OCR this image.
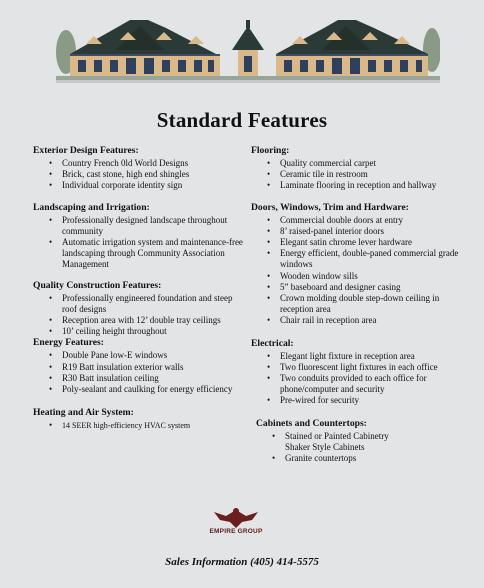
Standard Features
Exterior Design Features:
• Country French 0ld World Designs
• Brick, cast stone, high end shingles
• Individual corporate identity sign
Landscaping and Irrigation:
• Professionally designed landscape throughout community
• Automatic irrigation system and maintenance-free landscaping through Community Association Management
Quality Construction Features:
• Professionally engineered foundation and steep roof designs
• Reception area with 12’ double tray ceilings
• 10’ ceiling height throughout
Energy Features:
• Double Pane low-E windows
• R19 Batt insulation exterior walls
• R30 Batt insulation ceiling
• Poly-sealant and caulking for energy efficiency
Heating and Air System:
• 14 SEER high-efficiency HVAC system
Flooring:
• Quality commercial carpet
• Ceramic tile in restroom
• Laminate flooring in reception and hallway
Doors, Windows, Trim and Hardware:
• Commercial double doors at entry
• 8’ raised-panel interior doors
• Elegant satin chrome lever hardware
• Energy efficient, double-paned commercial grade windows
• Wooden window sills
• 5” baseboard and designer casing
• Crown molding double step-down ceiling in reception area
• Chair rail in reception area
Electrical:
• Elegant light fixture in reception area
• Two fluorescent light fixtures in each office
• Two conduits provided to each office for phone/computer and security
• Pre-wired for security
Cabinets and Countertops:
• Stained or Painted Cabinetry
Shaker Style Cabinets
• Granite countertops
EMPIRE GROUP
Sales Information (405) 414-5575
